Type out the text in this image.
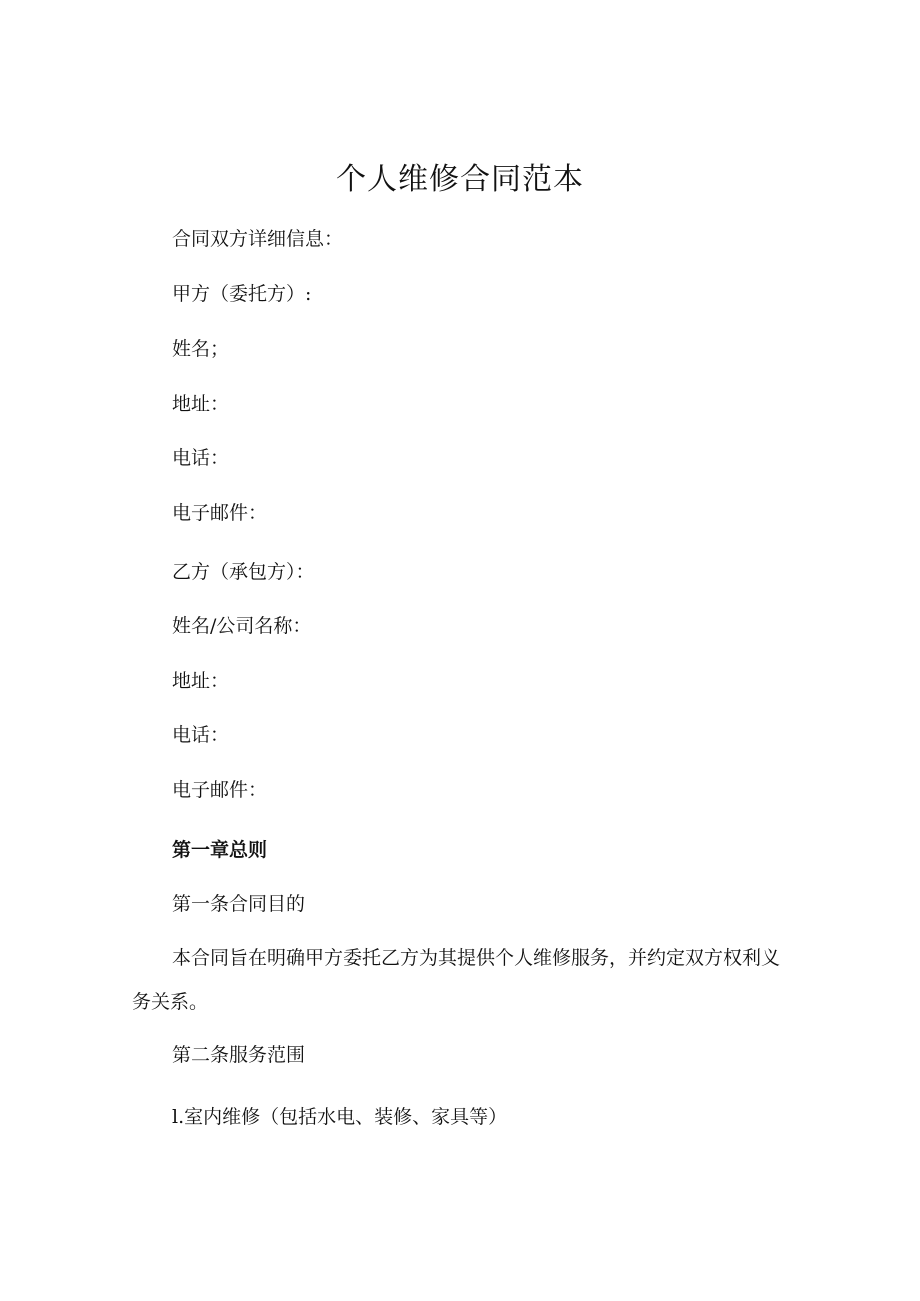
个人维修合同范本

合同双方详细信息：

甲方（委托方）:

姓名；

地址：

电话：

电子邮件：

乙方（承包方）：

姓名/公司名称：

地址：

电话：

电子邮件：

第一章总则

第一条合同目的

本合同旨在明确甲方委托乙方为其提供个人维修服务，并约定双方权利义务关系。

第二条服务范围

l.室内维修（包括水电、装修、家具等）
